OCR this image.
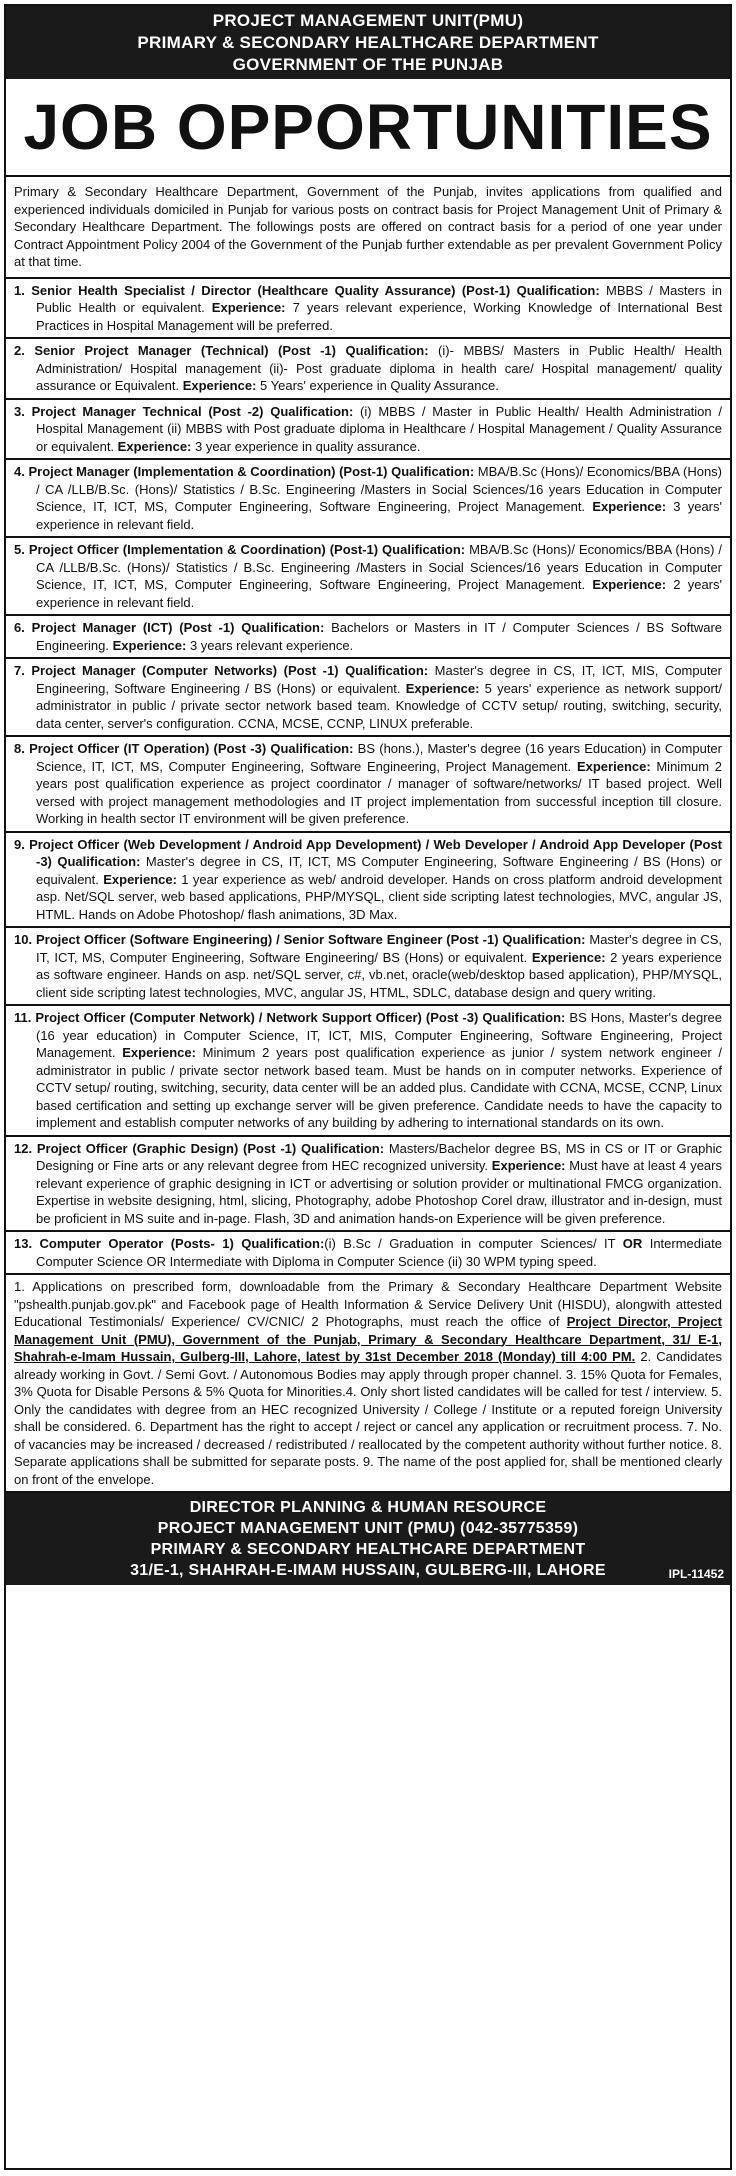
PROJECT MANAGEMENT UNIT(PMU)
PRIMARY & SECONDARY HEALTHCARE DEPARTMENT
GOVERNMENT OF THE PUNJAB
JOB OPPORTUNITIES
Primary & Secondary Healthcare Department, Government of the Punjab, invites applications from qualified and experienced individuals domiciled in Punjab for various posts on contract basis for Project Management Unit of Primary & Secondary Healthcare Department. The followings posts are offered on contract basis for a period of one year under Contract Appointment Policy 2004 of the Government of the Punjab further extendable as per prevalent Government Policy at that time.
1. Senior Health Specialist / Director (Healthcare Quality Assurance) (Post-1) Qualification: MBBS / Masters in Public Health or equivalent. Experience: 7 years relevant experience, Working Knowledge of International Best Practices in Hospital Management will be preferred.
2. Senior Project Manager (Technical) (Post -1) Qualification: (i)- MBBS/ Masters in Public Health/ Health Administration/ Hospital management (ii)- Post graduate diploma in health care/ Hospital management/ quality assurance or Equivalent. Experience: 5 Years' experience in Quality Assurance.
3. Project Manager Technical (Post -2) Qualification: (i) MBBS / Master in Public Health/ Health Administration / Hospital Management (ii) MBBS with Post graduate diploma in Healthcare / Hospital Management / Quality Assurance or equivalent. Experience: 3 year experience in quality assurance.
4. Project Manager (Implementation & Coordination) (Post-1) Qualification: MBA/B.Sc (Hons)/ Economics/BBA (Hons) / CA /LLB/B.Sc. (Hons)/ Statistics / B.Sc. Engineering /Masters in Social Sciences/16 years Education in Computer Science, IT, ICT, MS, Computer Engineering, Software Engineering, Project Management. Experience: 3 years' experience in relevant field.
5. Project Officer (Implementation & Coordination) (Post-1) Qualification: MBA/B.Sc (Hons)/ Economics/BBA (Hons) / CA /LLB/B.Sc. (Hons)/ Statistics / B.Sc. Engineering /Masters in Social Sciences/16 years Education in Computer Science, IT, ICT, MS, Computer Engineering, Software Engineering, Project Management. Experience: 2 years' experience in relevant field.
6. Project Manager (ICT) (Post -1) Qualification: Bachelors or Masters in IT / Computer Sciences / BS Software Engineering. Experience: 3 years relevant experience.
7. Project Manager (Computer Networks) (Post -1) Qualification: Master's degree in CS, IT, ICT, MIS, Computer Engineering, Software Engineering / BS (Hons) or equivalent. Experience: 5 years' experience as network support/ administrator in public / private sector network based team. Knowledge of CCTV setup/ routing, switching, security, data center, server's configuration. CCNA, MCSE, CCNP, LINUX preferable.
8. Project Officer (IT Operation) (Post -3) Qualification: BS (hons.), Master's degree (16 years Education) in Computer Science, IT, ICT, MS, Computer Engineering, Software Engineering, Project Management. Experience: Minimum 2 years post qualification experience as project coordinator / manager of software/networks/ IT based project. Well versed with project management methodologies and IT project implementation from successful inception till closure. Working in health sector IT environment will be given preference.
9. Project Officer (Web Development / Android App Development) / Web Developer / Android App Developer (Post -3) Qualification: Master's degree in CS, IT, ICT, MS Computer Engineering, Software Engineering / BS (Hons) or equivalent. Experience: 1 year experience as web/ android developer. Hands on cross platform android development asp. Net/SQL server, web based applications, PHP/MYSQL, client side scripting latest technologies, MVC, angular JS, HTML. Hands on Adobe Photoshop/ flash animations, 3D Max.
10. Project Officer (Software Engineering) / Senior Software Engineer (Post -1) Qualification: Master's degree in CS, IT, ICT, MS, Computer Engineering, Software Engineering/ BS (Hons) or equivalent. Experience: 2 years experience as software engineer. Hands on asp. net/SQL server, c#, vb.net, oracle(web/desktop based application), PHP/MYSQL, client side scripting latest technologies, MVC, angular JS, HTML, SDLC, database design and query writing.
11. Project Officer (Computer Network) / Network Support Officer) (Post -3) Qualification: BS Hons, Master's degree (16 year education) in Computer Science, IT, ICT, MIS, Computer Engineering, Software Engineering, Project Management. Experience: Minimum 2 years post qualification experience as junior / system network engineer / administrator in public / private sector network based team. Must be hands on in computer networks. Experience of CCTV setup/ routing, switching, security, data center will be an added plus. Candidate with CCNA, MCSE, CCNP, Linux based certification and setting up exchange server will be given preference. Candidate needs to have the capacity to implement and establish computer networks of any building by adhering to international standards on its own.
12. Project Officer (Graphic Design) (Post -1) Qualification: Masters/Bachelor degree BS, MS in CS or IT or Graphic Designing or Fine arts or any relevant degree from HEC recognized university. Experience: Must have at least 4 years relevant experience of graphic designing in ICT or advertising or solution provider or multinational FMCG organization. Expertise in website designing, html, slicing, Photography, adobe Photoshop Corel draw, illustrator and in-design, must be proficient in MS suite and in-page. Flash, 3D and animation hands-on Experience will be given preference.
13. Computer Operator (Posts- 1) Qualification:(i) B.Sc / Graduation in computer Sciences/ IT OR Intermediate Computer Science OR Intermediate with Diploma in Computer Science (ii) 30 WPM typing speed.
1. Applications on prescribed form, downloadable from the Primary & Secondary Healthcare Department Website "pshealth.punjab.gov.pk" and Facebook page of Health Information & Service Delivery Unit (HISDU), alongwith attested Educational Testimonials/ Experience/ CV/CNIC/ 2 Photographs, must reach the office of Project Director, Project Management Unit (PMU), Government of the Punjab, Primary & Secondary Healthcare Department, 31/ E-1, Shahrah-e-Imam Hussain, Gulberg-III, Lahore, latest by 31st December 2018 (Monday) till 4:00 PM. 2. Candidates already working in Govt. / Semi Govt. / Autonomous Bodies may apply through proper channel. 3. 15% Quota for Females, 3% Quota for Disable Persons & 5% Quota for Minorities.4. Only short listed candidates will be called for test / interview. 5. Only the candidates with degree from an HEC recognized University / College / Institute or a reputed foreign University shall be considered. 6. Department has the right to accept / reject or cancel any application or recruitment process. 7. No. of vacancies may be increased / decreased / redistributed / reallocated by the competent authority without further notice. 8. Separate applications shall be submitted for separate posts. 9. The name of the post applied for, shall be mentioned clearly on front of the envelope.
DIRECTOR PLANNING & HUMAN RESOURCE
PROJECT MANAGEMENT UNIT (PMU) (042-35775359)
PRIMARY & SECONDARY HEALTHCARE DEPARTMENT
31/E-1, SHAHRAH-E-IMAM HUSSAIN, GULBERG-III, LAHORE	IPL-11452
